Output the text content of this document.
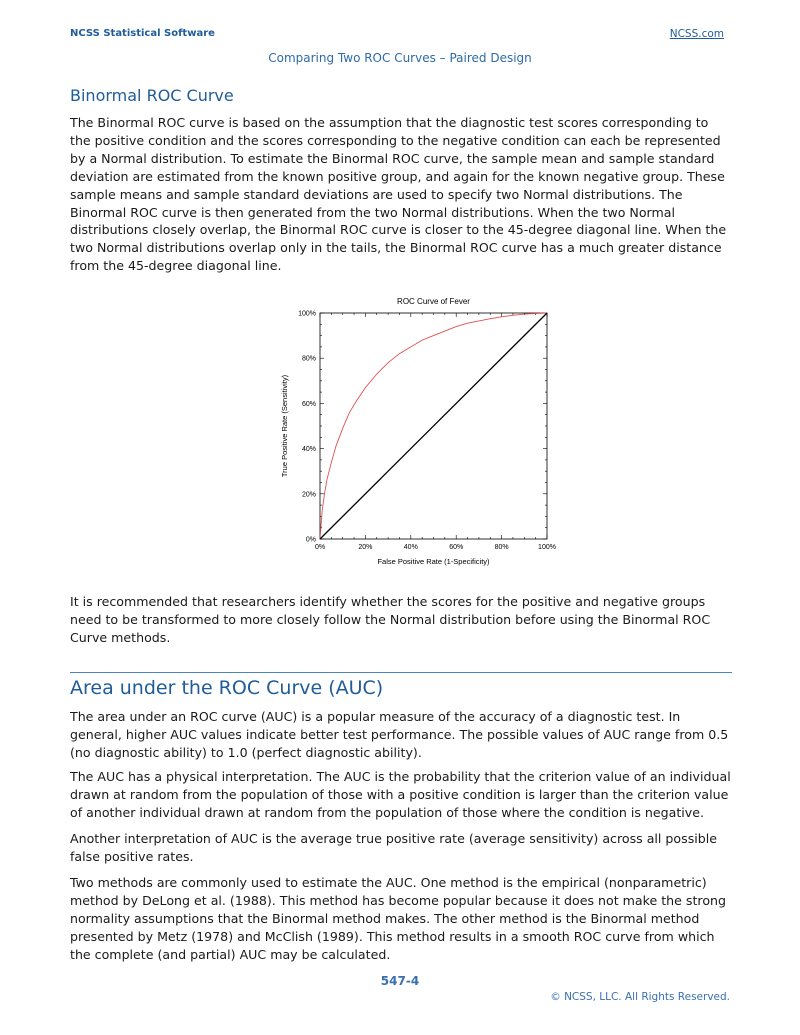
NCSS Statistical Software	NCSS.com
Comparing Two ROC Curves – Paired Design
Binormal ROC Curve

The Binormal ROC curve is based on the assumption that the diagnostic test scores corresponding to the positive condition and the scores corresponding to the negative condition can each be represented by a Normal distribution. To estimate the Binormal ROC curve, the sample mean and sample standard deviation are estimated from the known positive group, and again for the known negative group. These sample means and sample standard deviations are used to specify two Normal distributions. The Binormal ROC curve is then generated from the two Normal distributions. When the two Normal distributions closely overlap, the Binormal ROC curve is closer to the 45-degree diagonal line. When the two Normal distributions overlap only in the tails, the Binormal ROC curve has a much greater distance from the 45-degree diagonal line.

ROC Curve of Fever
0%	20%	40%	60%	80%	100%
0%
20%
40%
60%
80%
100%
False Positive Rate (1-Specificity)
True Positive Rate (Sensitivity)

It is recommended that researchers identify whether the scores for the positive and negative groups need to be transformed to more closely follow the Normal distribution before using the Binormal ROC Curve methods.

Area under the ROC Curve (AUC)

The area under an ROC curve (AUC) is a popular measure of the accuracy of a diagnostic test. In general, higher AUC values indicate better test performance. The possible values of AUC range from 0.5 (no diagnostic ability) to 1.0 (perfect diagnostic ability).

The AUC has a physical interpretation. The AUC is the probability that the criterion value of an individual drawn at random from the population of those with a positive condition is larger than the criterion value of another individual drawn at random from the population of those where the condition is negative.

Another interpretation of AUC is the average true positive rate (average sensitivity) across all possible false positive rates.

Two methods are commonly used to estimate the AUC. One method is the empirical (nonparametric) method by DeLong et al. (1988). This method has become popular because it does not make the strong normality assumptions that the Binormal method makes. The other method is the Binormal method presented by Metz (1978) and McClish (1989). This method results in a smooth ROC curve from which the complete (and partial) AUC may be calculated.

547-4
© NCSS, LLC. All Rights Reserved.
